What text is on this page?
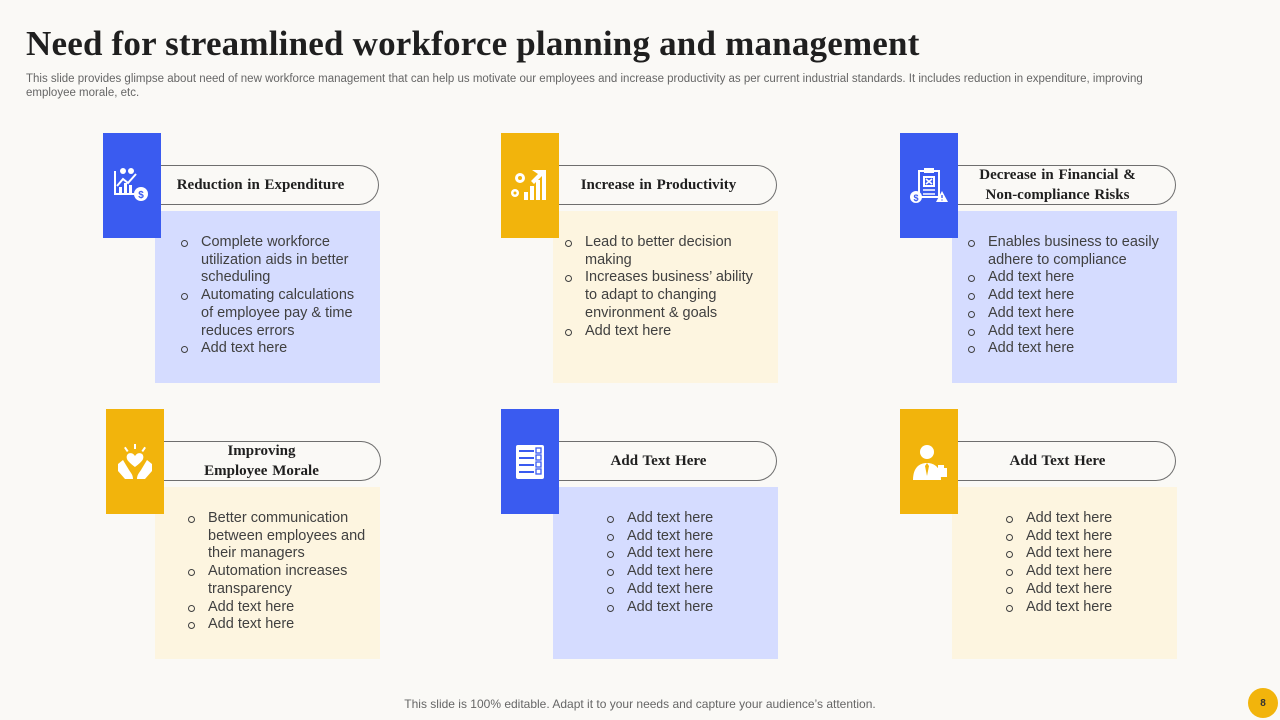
Need for streamlined workforce planning and management

This slide provides glimpse about need of new workforce management that can help us motivate our employees and increase productivity as per current industrial standards. It includes reduction in expenditure, improving employee morale, etc.

Reduction in Expenditure
$
Complete workforce utilization aids in better scheduling
Automating calculations of employee pay & time reduces errors
Add text here
Increase in Productivity
Lead to better decision making
Increases business’ ability to adapt to changing environment & goals
Add text here
Decrease in Financial &
Non-compliance Risks
$
Enables business to easily adhere to compliance
Add text here
Add text here
Add text here
Add text here
Add text here
Improving
Employee Morale
Better communication between employees and their managers
Automation increases transparency
Add text here
Add text here
Add Text Here
Add text here
Add text here
Add text here
Add text here
Add text here
Add text here
Add Text Here
Add text here
Add text here
Add text here
Add text here
Add text here
Add text here
This slide is 100% editable. Adapt it to your needs and capture your audience’s attention.	8
